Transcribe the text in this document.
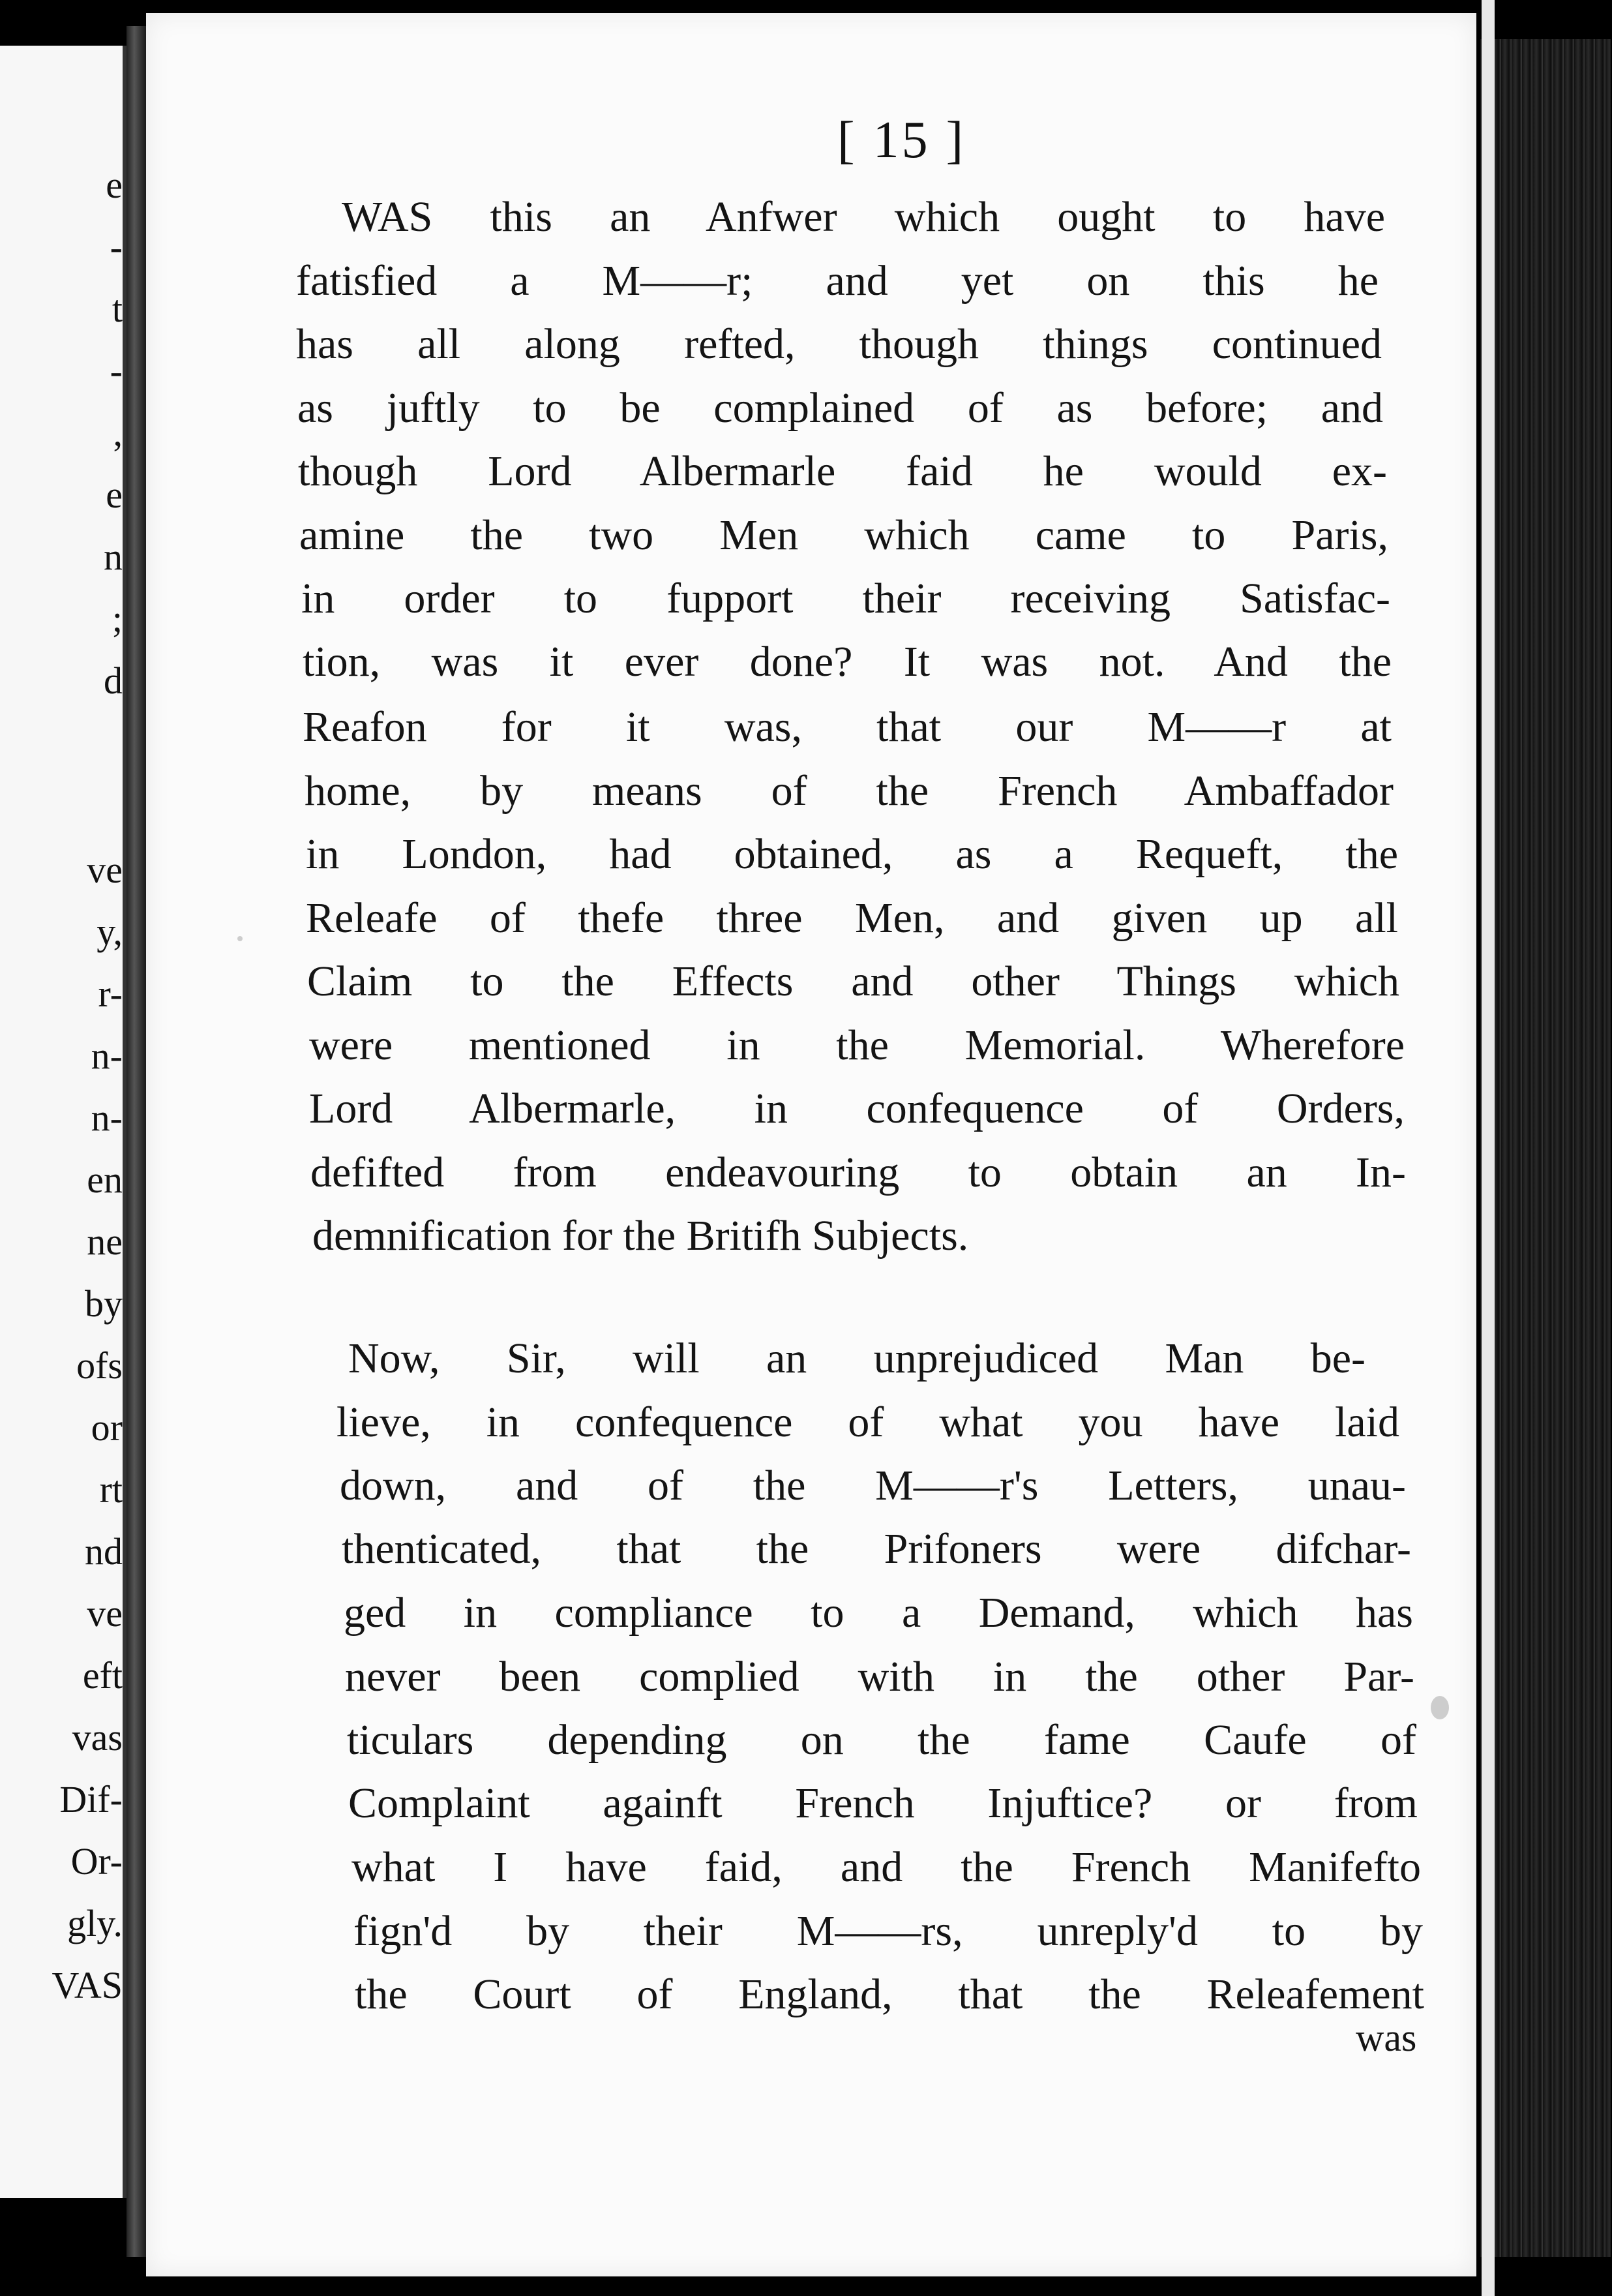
e
-
t
-
,
e
n
;
d
ve
y,
r-
n-
n-
en
ne
by
ofs
or
rt
nd
ve
eft
vas
Dif-
Or-
gly.
VAS
[ 15 ]
WAS this an Anfwer which ought to have
fatisfied a M——r; and yet on this he
has all along refted, though things continued
as juftly to be complained of as before; and
though Lord Albermarle faid he would ex-
amine the two Men which came to Paris,
in order to fupport their receiving Satisfac-
tion, was it ever done? It was not. And the
Reafon for it was, that our M——r at
home, by means of the French Ambaffador
in London, had obtained, as a Requeft, the
Releafe of thefe three Men, and given up all
Claim to the Effects and other Things which
were mentioned in the Memorial. Wherefore
Lord Albermarle, in confequence of Orders,
defifted from endeavouring to obtain an In-
demnification for the Britifh Subjects.
Now, Sir, will an unprejudiced Man be-
lieve, in confequence of what you have laid
down, and of the M——r's Letters, unau-
thenticated, that the Prifoners were difchar-
ged in compliance to a Demand, which has
never been complied with in the other Par-
ticulars depending on the fame Caufe of
Complaint againft French Injuftice? or from
what I have faid, and the French Manifefto
fign'd by their M——rs, unreply'd to by
the Court of England, that the Releafement
was
